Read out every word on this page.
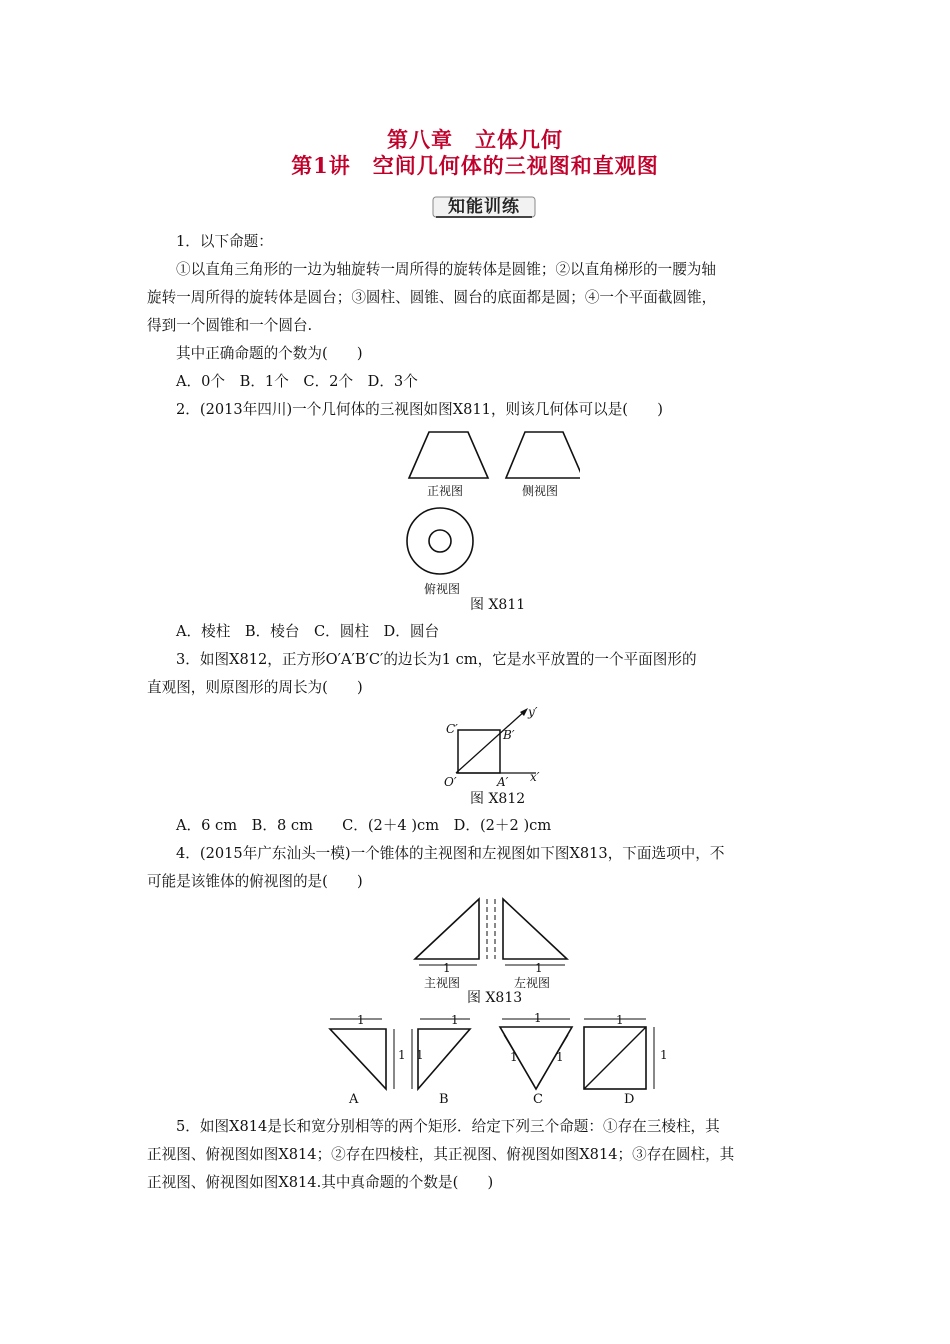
第八章　立体几何
第1讲　空间几何体的三视图和直观图
知能训练
1．以下命题：
①以直角三角形的一边为轴旋转一周所得的旋转体是圆锥；②以直角梯形的一腰为轴
旋转一周所得的旋转体是圆台；③圆柱、圆锥、圆台的底面都是圆；④一个平面截圆锥，
得到一个圆锥和一个圆台.
其中正确命题的个数为(　　)
A．0个　B．1个　C．2个　D．3个
2．(2013年四川)一个几何体的三视图如图X811，则该几何体可以是(　　)
正视图	侧视图
俯视图
图 X811
A．棱柱　B．棱台　C．圆柱　D．圆台
3．如图X812，正方形O′A′B′C′的边长为1 cm，它是水平放置的一个平面图形的
直观图，则原图形的周长为(　　)
C′	B′
O′	A′ x′
y′
图 X812
A．6 cm　B．8 cm　　C．(2＋4 )cm　D．(2＋2 )cm
4．(2015年广东汕头一模)一个锥体的主视图和左视图如下图X813，下面选项中，不
可能是该锥体的俯视图的是(　　)
1	1
主视图	左视图
图 X813
1
1
1
1
1
1	1
1
1
A	B	C	D
5．如图X814是长和宽分别相等的两个矩形．给定下列三个命题：①存在三棱柱，其
正视图、俯视图如图X814；②存在四棱柱，其正视图、俯视图如图X814；③存在圆柱，其
正视图、俯视图如图X814.其中真命题的个数是(　　)
